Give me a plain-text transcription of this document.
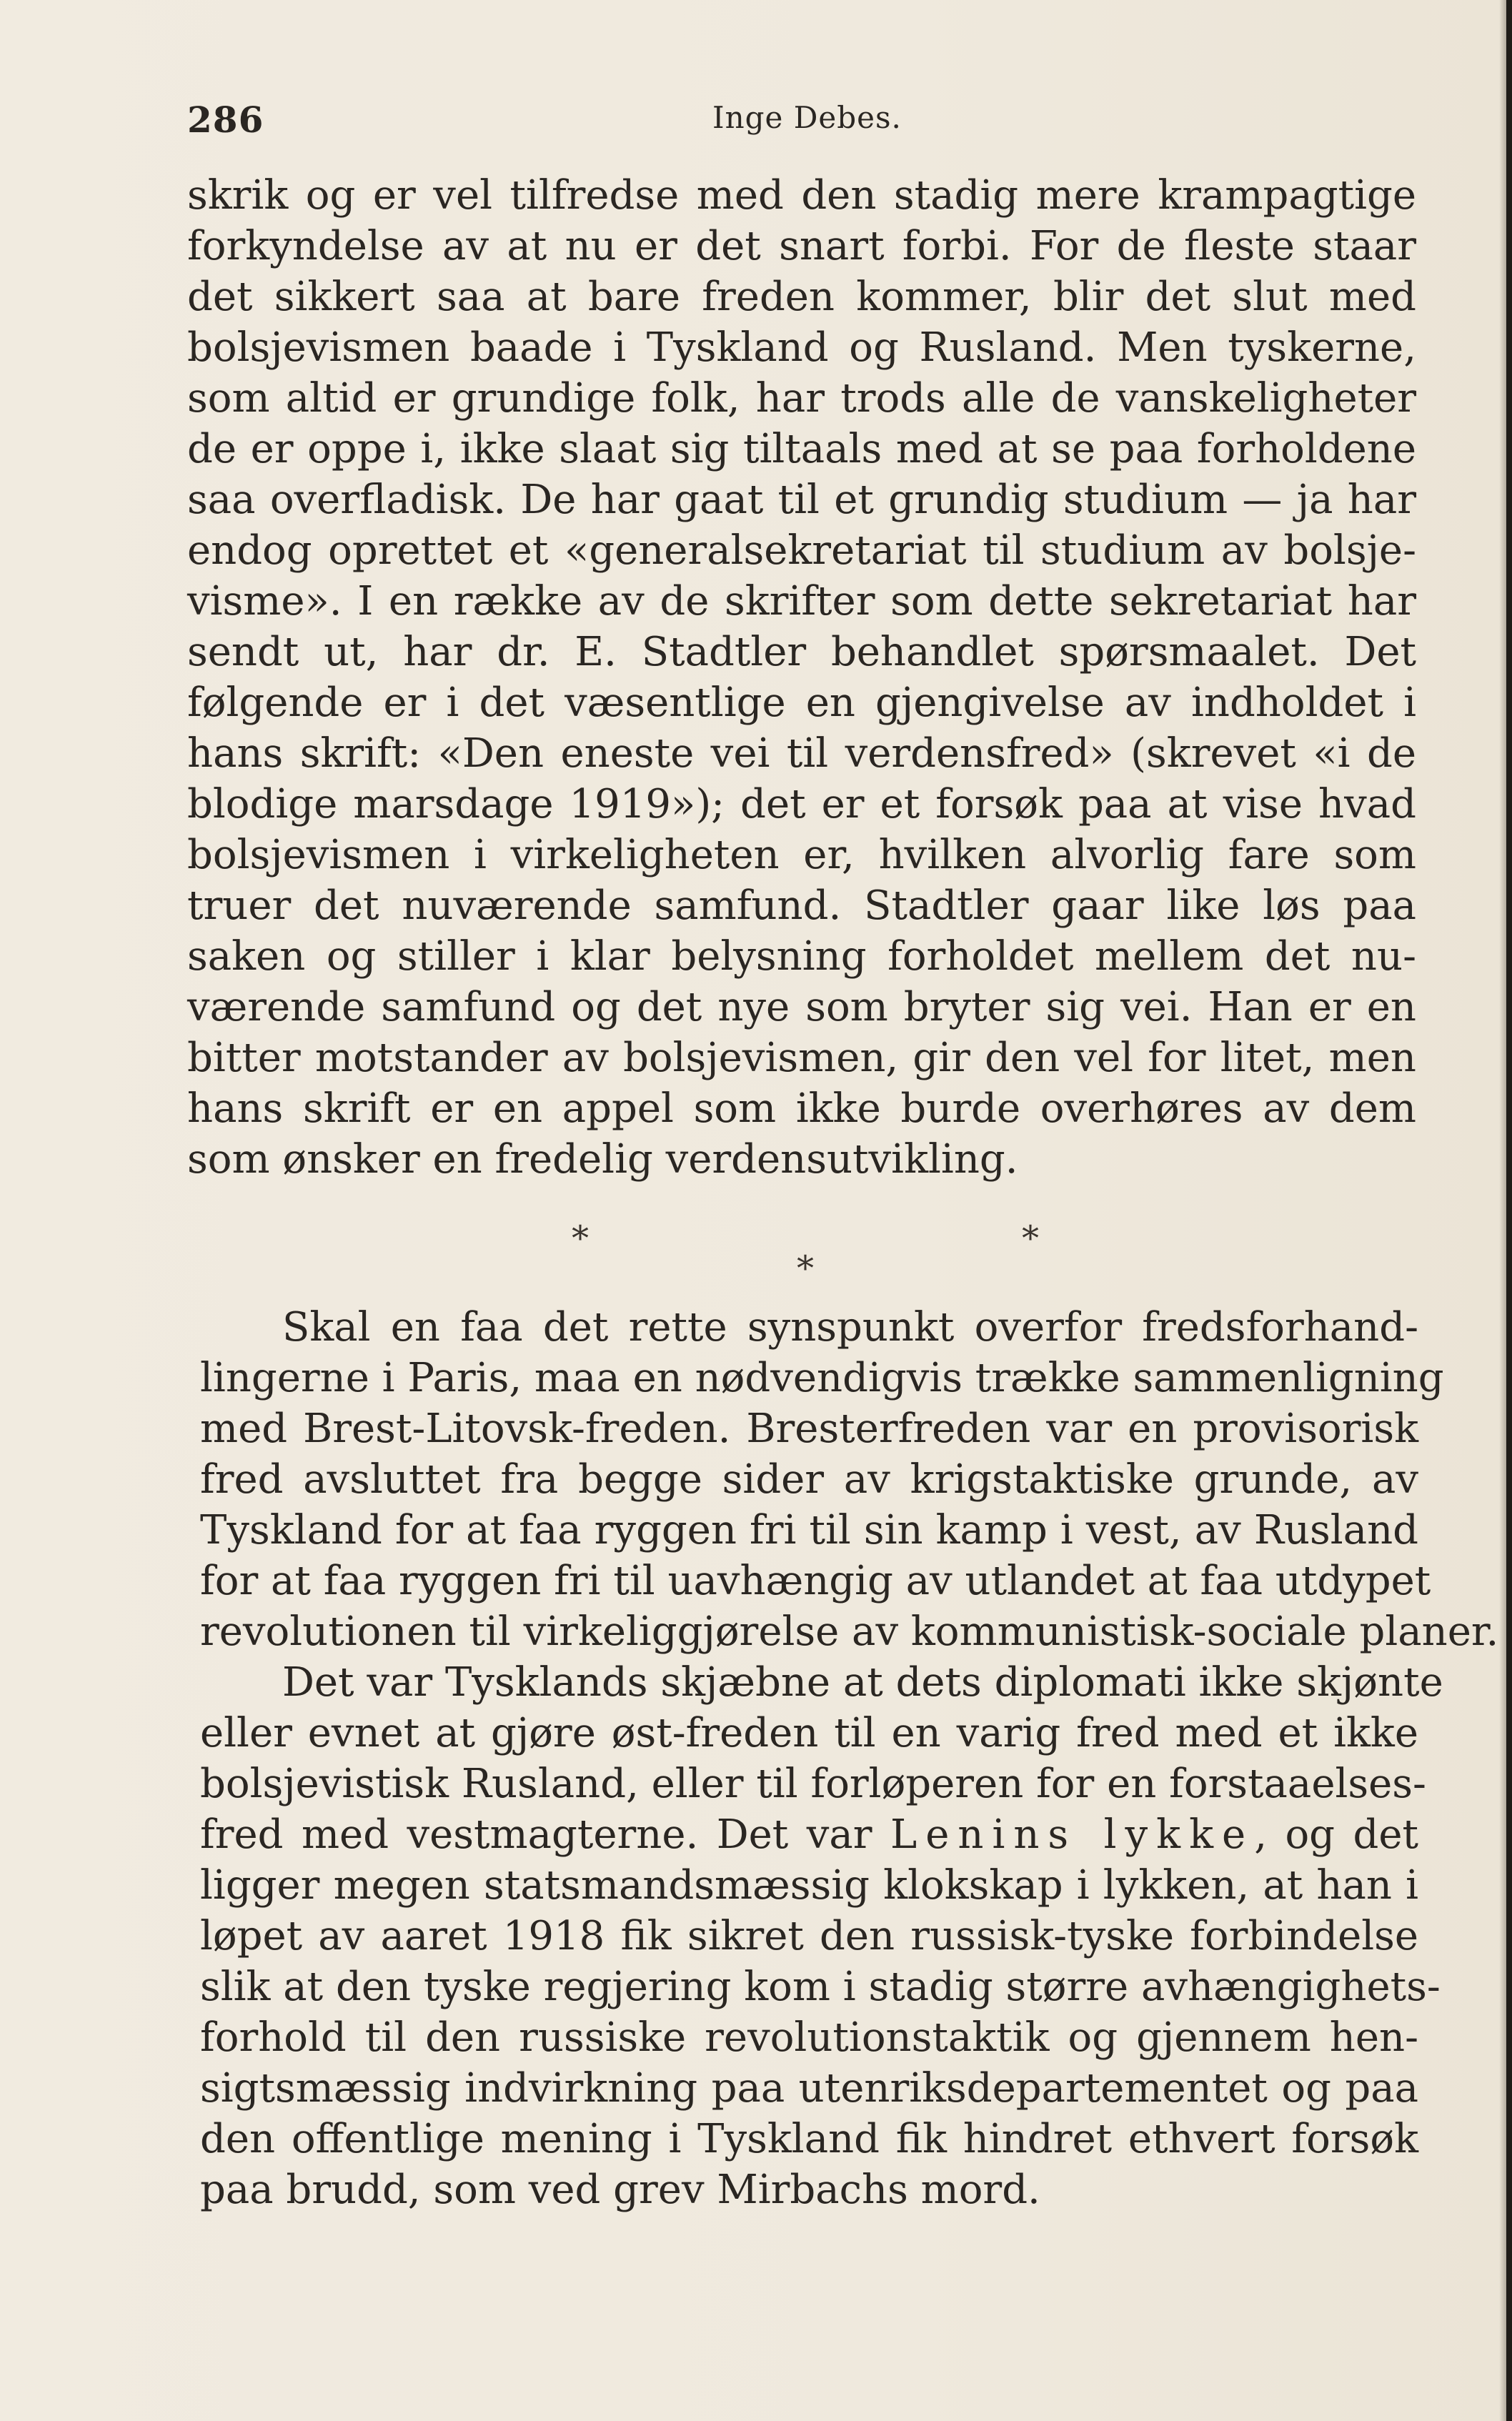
286	Inge Debes.
skrik og er vel tilfredse med den stadig mere krampagtige
forkyndelse av at nu er det snart forbi. For de fleste staar
det sikkert saa at bare freden kommer, blir det slut med
bolsjevismen baade i Tyskland og Rusland. Men tyskerne,
som altid er grundige folk, har trods alle de vanskeligheter
de er oppe i, ikke slaat sig tiltaals med at se paa forholdene
saa overfladisk. De har gaat til et grundig studium — ja har
endog oprettet et «generalsekretariat til studium av bolsje-
visme». I en række av de skrifter som dette sekretariat har
sendt ut, har dr. E. Stadtler behandlet spørsmaalet. Det
følgende er i det væsentlige en gjengivelse av indholdet i
hans skrift: «Den eneste vei til verdensfred» (skrevet «i de
blodige marsdage 1919»); det er et forsøk paa at vise hvad
bolsjevismen i virkeligheten er, hvilken alvorlig fare som
truer det nuværende samfund. Stadtler gaar like løs paa
saken og stiller i klar belysning forholdet mellem det nu-
værende samfund og det nye som bryter sig vei. Han er en
bitter motstander av bolsjevismen, gir den vel for litet, men
hans skrift er en appel som ikke burde overhøres av dem
som ønsker en fredelig verdensutvikling.
*	*
*
Skal en faa det rette synspunkt overfor fredsforhand-
lingerne i Paris, maa en nødvendigvis trække sammenligning
med Brest-Litovsk-freden. Bresterfreden var en provisorisk
fred avsluttet fra begge sider av krigstaktiske grunde, av
Tyskland for at faa ryggen fri til sin kamp i vest, av Rusland
for at faa ryggen fri til uavhængig av utlandet at faa utdypet
revolutionen til virkeliggjørelse av kommunistisk-sociale planer.
Det var Tysklands skjæbne at dets diplomati ikke skjønte
eller evnet at gjøre øst-freden til en varig fred med et ikke
bolsjevistisk Rusland, eller til forløperen for en forstaaelses-
fred med vestmagterne. Det var Lenins lykke, og det
ligger megen statsmandsmæssig klokskap i lykken, at han i
løpet av aaret 1918 fik sikret den russisk-tyske forbindelse
slik at den tyske regjering kom i stadig større avhængighets-
forhold til den russiske revolutionstaktik og gjennem hen-
sigtsmæssig indvirkning paa utenriksdepartementet og paa
den offentlige mening i Tyskland fik hindret ethvert forsøk
paa brudd, som ved grev Mirbachs mord.
